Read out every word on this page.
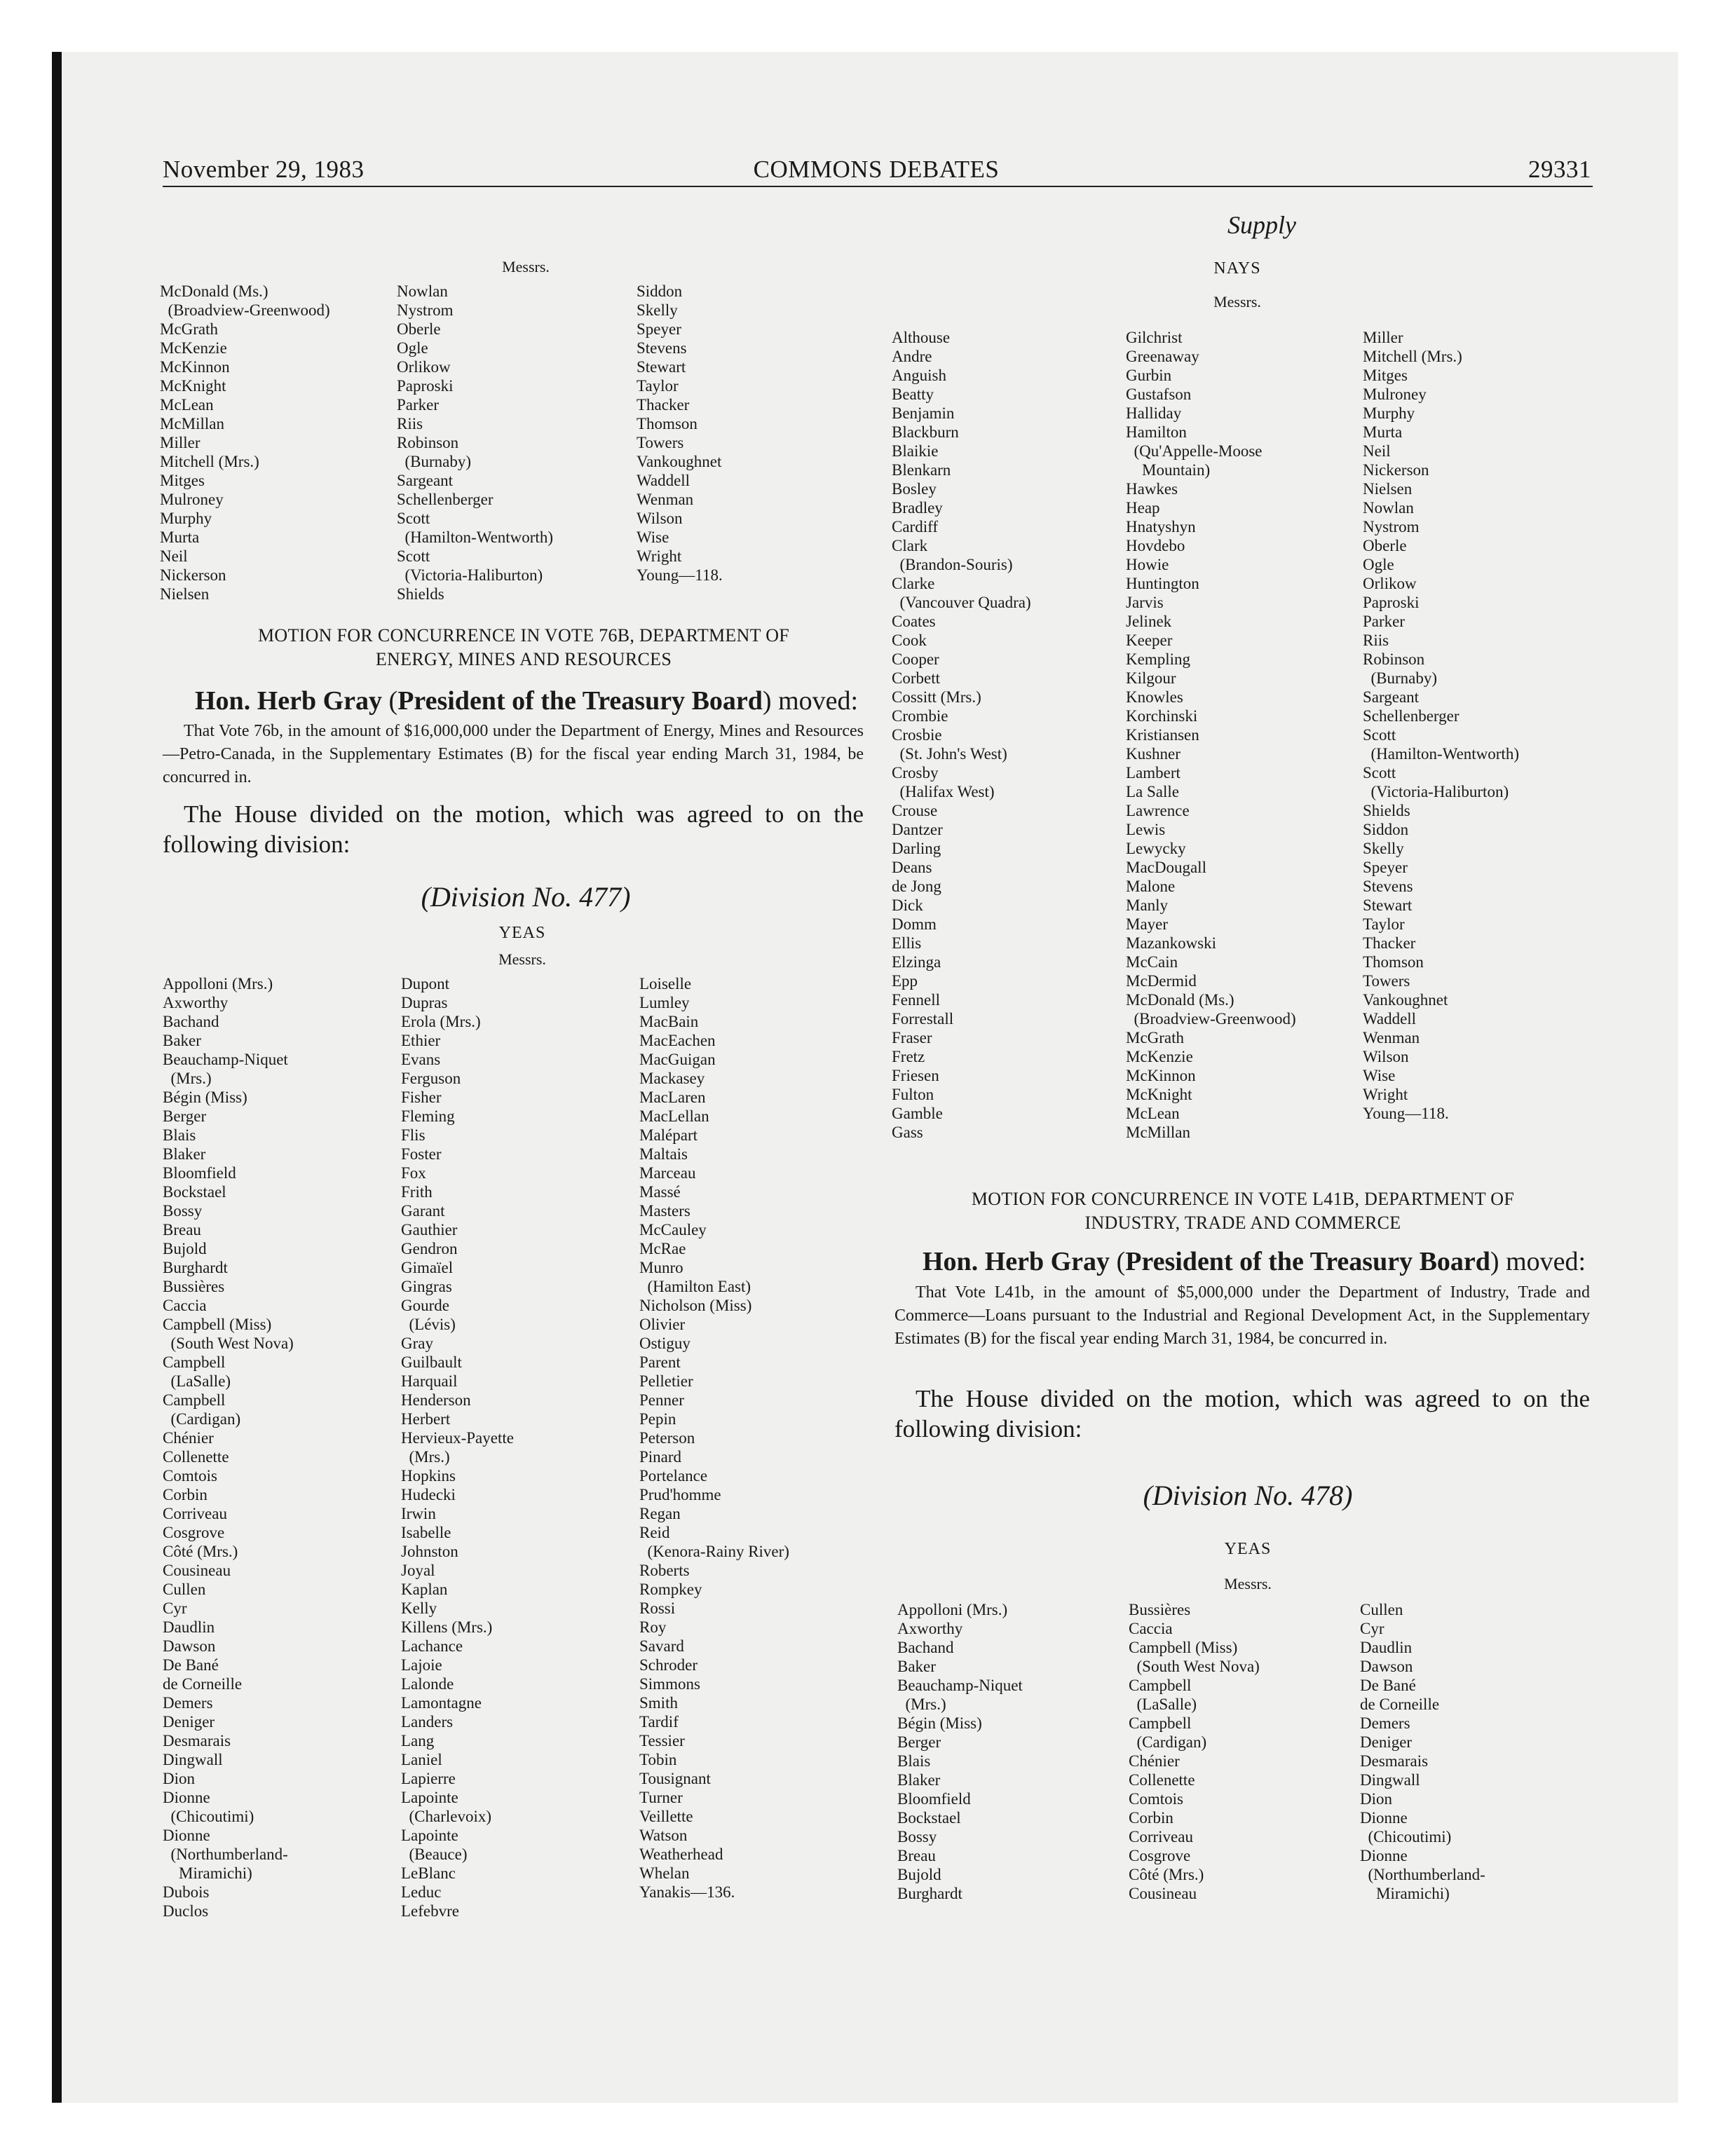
November 29, 1983	COMMONS DEBATES	29331
Messrs.
McDonald (Ms.)
(Broadview-Greenwood)
McGrath
McKenzie
McKinnon
McKnight
McLean
McMillan
Miller
Mitchell (Mrs.)
Mitges
Mulroney
Murphy
Murta
Neil
Nickerson
Nielsen
Nowlan
Nystrom
Oberle
Ogle
Orlikow
Paproski
Parker
Riis
Robinson
(Burnaby)
Sargeant
Schellenberger
Scott
(Hamilton-Wentworth)
Scott
(Victoria-Haliburton)
Shields
Siddon
Skelly
Speyer
Stevens
Stewart
Taylor
Thacker
Thomson
Towers
Vankoughnet
Waddell
Wenman
Wilson
Wise
Wright
Young—118.
MOTION FOR CONCURRENCE IN VOTE 76B, DEPARTMENT OF
ENERGY, MINES AND RESOURCES
Hon. Herb Gray (President of the Treasury Board) moved:
That Vote 76b, in the amount of $16,000,000 under the Department of Energy, Mines and Resources—Petro-Canada, in the Supplementary Estimates (B) for the fiscal year ending March 31, 1984, be concurred in.
The House divided on the motion, which was agreed to on the following division:
(Division No. 477)
YEAS
Messrs.
Appolloni (Mrs.)
Axworthy
Bachand
Baker
Beauchamp-Niquet
(Mrs.)
Bégin (Miss)
Berger
Blais
Blaker
Bloomfield
Bockstael
Bossy
Breau
Bujold
Burghardt
Bussières
Caccia
Campbell (Miss)
(South West Nova)
Campbell
(LaSalle)
Campbell
(Cardigan)
Chénier
Collenette
Comtois
Corbin
Corriveau
Cosgrove
Côté (Mrs.)
Cousineau
Cullen
Cyr
Daudlin
Dawson
De Bané
de Corneille
Demers
Deniger
Desmarais
Dingwall
Dion
Dionne
(Chicoutimi)
Dionne
(Northumberland-
Miramichi)
Dubois
Duclos
Dupont
Dupras
Erola (Mrs.)
Ethier
Evans
Ferguson
Fisher
Fleming
Flis
Foster
Fox
Frith
Garant
Gauthier
Gendron
Gimaïel
Gingras
Gourde
(Lévis)
Gray
Guilbault
Harquail
Henderson
Herbert
Hervieux-Payette
(Mrs.)
Hopkins
Hudecki
Irwin
Isabelle
Johnston
Joyal
Kaplan
Kelly
Killens (Mrs.)
Lachance
Lajoie
Lalonde
Lamontagne
Landers
Lang
Laniel
Lapierre
Lapointe
(Charlevoix)
Lapointe
(Beauce)
LeBlanc
Leduc
Lefebvre
Loiselle
Lumley
MacBain
MacEachen
MacGuigan
Mackasey
MacLaren
MacLellan
Malépart
Maltais
Marceau
Massé
Masters
McCauley
McRae
Munro
(Hamilton East)
Nicholson (Miss)
Olivier
Ostiguy
Parent
Pelletier
Penner
Pepin
Peterson
Pinard
Portelance
Prud'homme
Regan
Reid
(Kenora-Rainy River)
Roberts
Rompkey
Rossi
Roy
Savard
Schroder
Simmons
Smith
Tardif
Tessier
Tobin
Tousignant
Turner
Veillette
Watson
Weatherhead
Whelan
Yanakis—136.
Supply
NAYS
Messrs.
Althouse
Andre
Anguish
Beatty
Benjamin
Blackburn
Blaikie
Blenkarn
Bosley
Bradley
Cardiff
Clark
(Brandon-Souris)
Clarke
(Vancouver Quadra)
Coates
Cook
Cooper
Corbett
Cossitt (Mrs.)
Crombie
Crosbie
(St. John's West)
Crosby
(Halifax West)
Crouse
Dantzer
Darling
Deans
de Jong
Dick
Domm
Ellis
Elzinga
Epp
Fennell
Forrestall
Fraser
Fretz
Friesen
Fulton
Gamble
Gass
Gilchrist
Greenaway
Gurbin
Gustafson
Halliday
Hamilton
(Qu'Appelle-Moose
Mountain)
Hawkes
Heap
Hnatyshyn
Hovdebo
Howie
Huntington
Jarvis
Jelinek
Keeper
Kempling
Kilgour
Knowles
Korchinski
Kristiansen
Kushner
Lambert
La Salle
Lawrence
Lewis
Lewycky
MacDougall
Malone
Manly
Mayer
Mazankowski
McCain
McDermid
McDonald (Ms.)
(Broadview-Greenwood)
McGrath
McKenzie
McKinnon
McKnight
McLean
McMillan
Miller
Mitchell (Mrs.)
Mitges
Mulroney
Murphy
Murta
Neil
Nickerson
Nielsen
Nowlan
Nystrom
Oberle
Ogle
Orlikow
Paproski
Parker
Riis
Robinson
(Burnaby)
Sargeant
Schellenberger
Scott
(Hamilton-Wentworth)
Scott
(Victoria-Haliburton)
Shields
Siddon
Skelly
Speyer
Stevens
Stewart
Taylor
Thacker
Thomson
Towers
Vankoughnet
Waddell
Wenman
Wilson
Wise
Wright
Young—118.
MOTION FOR CONCURRENCE IN VOTE L41B, DEPARTMENT OF
INDUSTRY, TRADE AND COMMERCE
Hon. Herb Gray (President of the Treasury Board) moved:
That Vote L41b, in the amount of $5,000,000 under the Department of Industry, Trade and Commerce—Loans pursuant to the Industrial and Regional Development Act, in the Supplementary Estimates (B) for the fiscal year ending March 31, 1984, be concurred in.
The House divided on the motion, which was agreed to on the following division:
(Division No. 478)
YEAS
Messrs.
Appolloni (Mrs.)
Axworthy
Bachand
Baker
Beauchamp-Niquet
(Mrs.)
Bégin (Miss)
Berger
Blais
Blaker
Bloomfield
Bockstael
Bossy
Breau
Bujold
Burghardt
Bussières
Caccia
Campbell (Miss)
(South West Nova)
Campbell
(LaSalle)
Campbell
(Cardigan)
Chénier
Collenette
Comtois
Corbin
Corriveau
Cosgrove
Côté (Mrs.)
Cousineau
Cullen
Cyr
Daudlin
Dawson
De Bané
de Corneille
Demers
Deniger
Desmarais
Dingwall
Dion
Dionne
(Chicoutimi)
Dionne
(Northumberland-
Miramichi)
